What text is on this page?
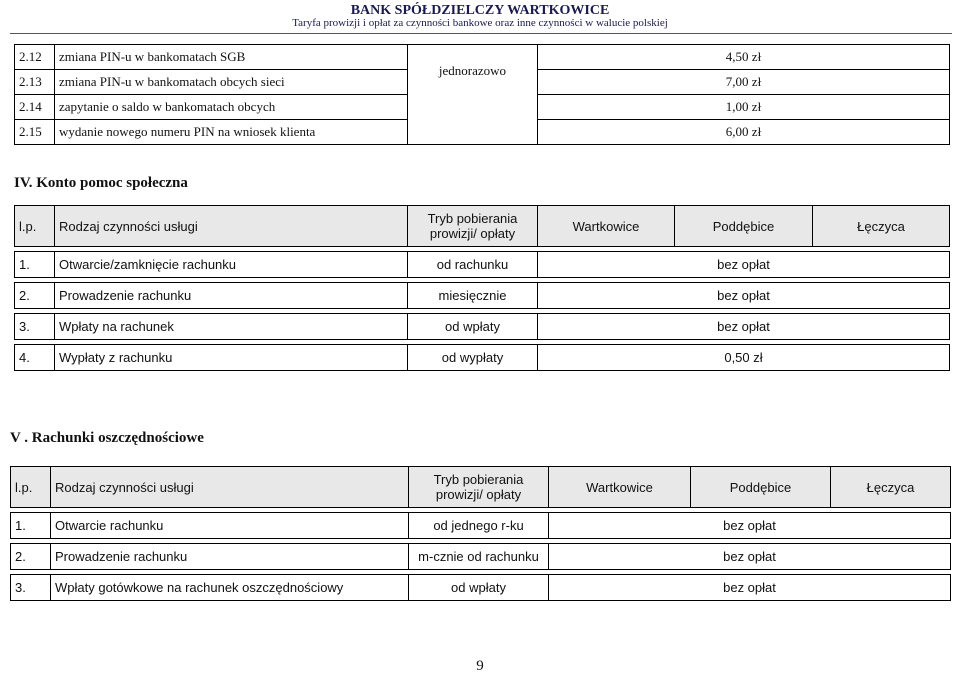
BANK SPÓŁDZIELCZY WARTKOWICE
Taryfa prowizji i opłat za czynności bankowe oraz inne czynności w walucie polskiej
2.12	zmiana PIN-u w bankomatach SGB	jednorazowo	4,50 zł
2.13	zmiana PIN-u w bankomatach obcych sieci		7,00 zł
2.14	zapytanie o saldo w bankomatach obcych		1,00 zł
2.15	wydanie nowego numeru PIN na wniosek klienta		6,00 zł
IV. Konto pomoc społeczna
l.p.	Rodzaj czynności usługi	Tryb pobierania prowizji/ opłaty	Wartkowice	Poddębice	Łęczyca

1.	Otwarcie/zamknięcie rachunku	od rachunku	bez opłat		

2.	Prowadzenie rachunku	miesięcznie	bez opłat		

3.	Wpłaty na rachunek	od wpłaty	bez opłat		

4.	Wypłaty z rachunku	od wypłaty	0,50 zł		
V . Rachunki oszczędnościowe
l.p.	Rodzaj czynności usługi	Tryb pobierania prowizji/ opłaty	Wartkowice	Poddębice	Łęczyca

1.	Otwarcie rachunku	od jednego r-ku	bez opłat		

2.	Prowadzenie rachunku	m-cznie od rachunku	bez opłat		

3.	Wpłaty gotówkowe na rachunek oszczędnościowy	od wpłaty	bez opłat		
9
